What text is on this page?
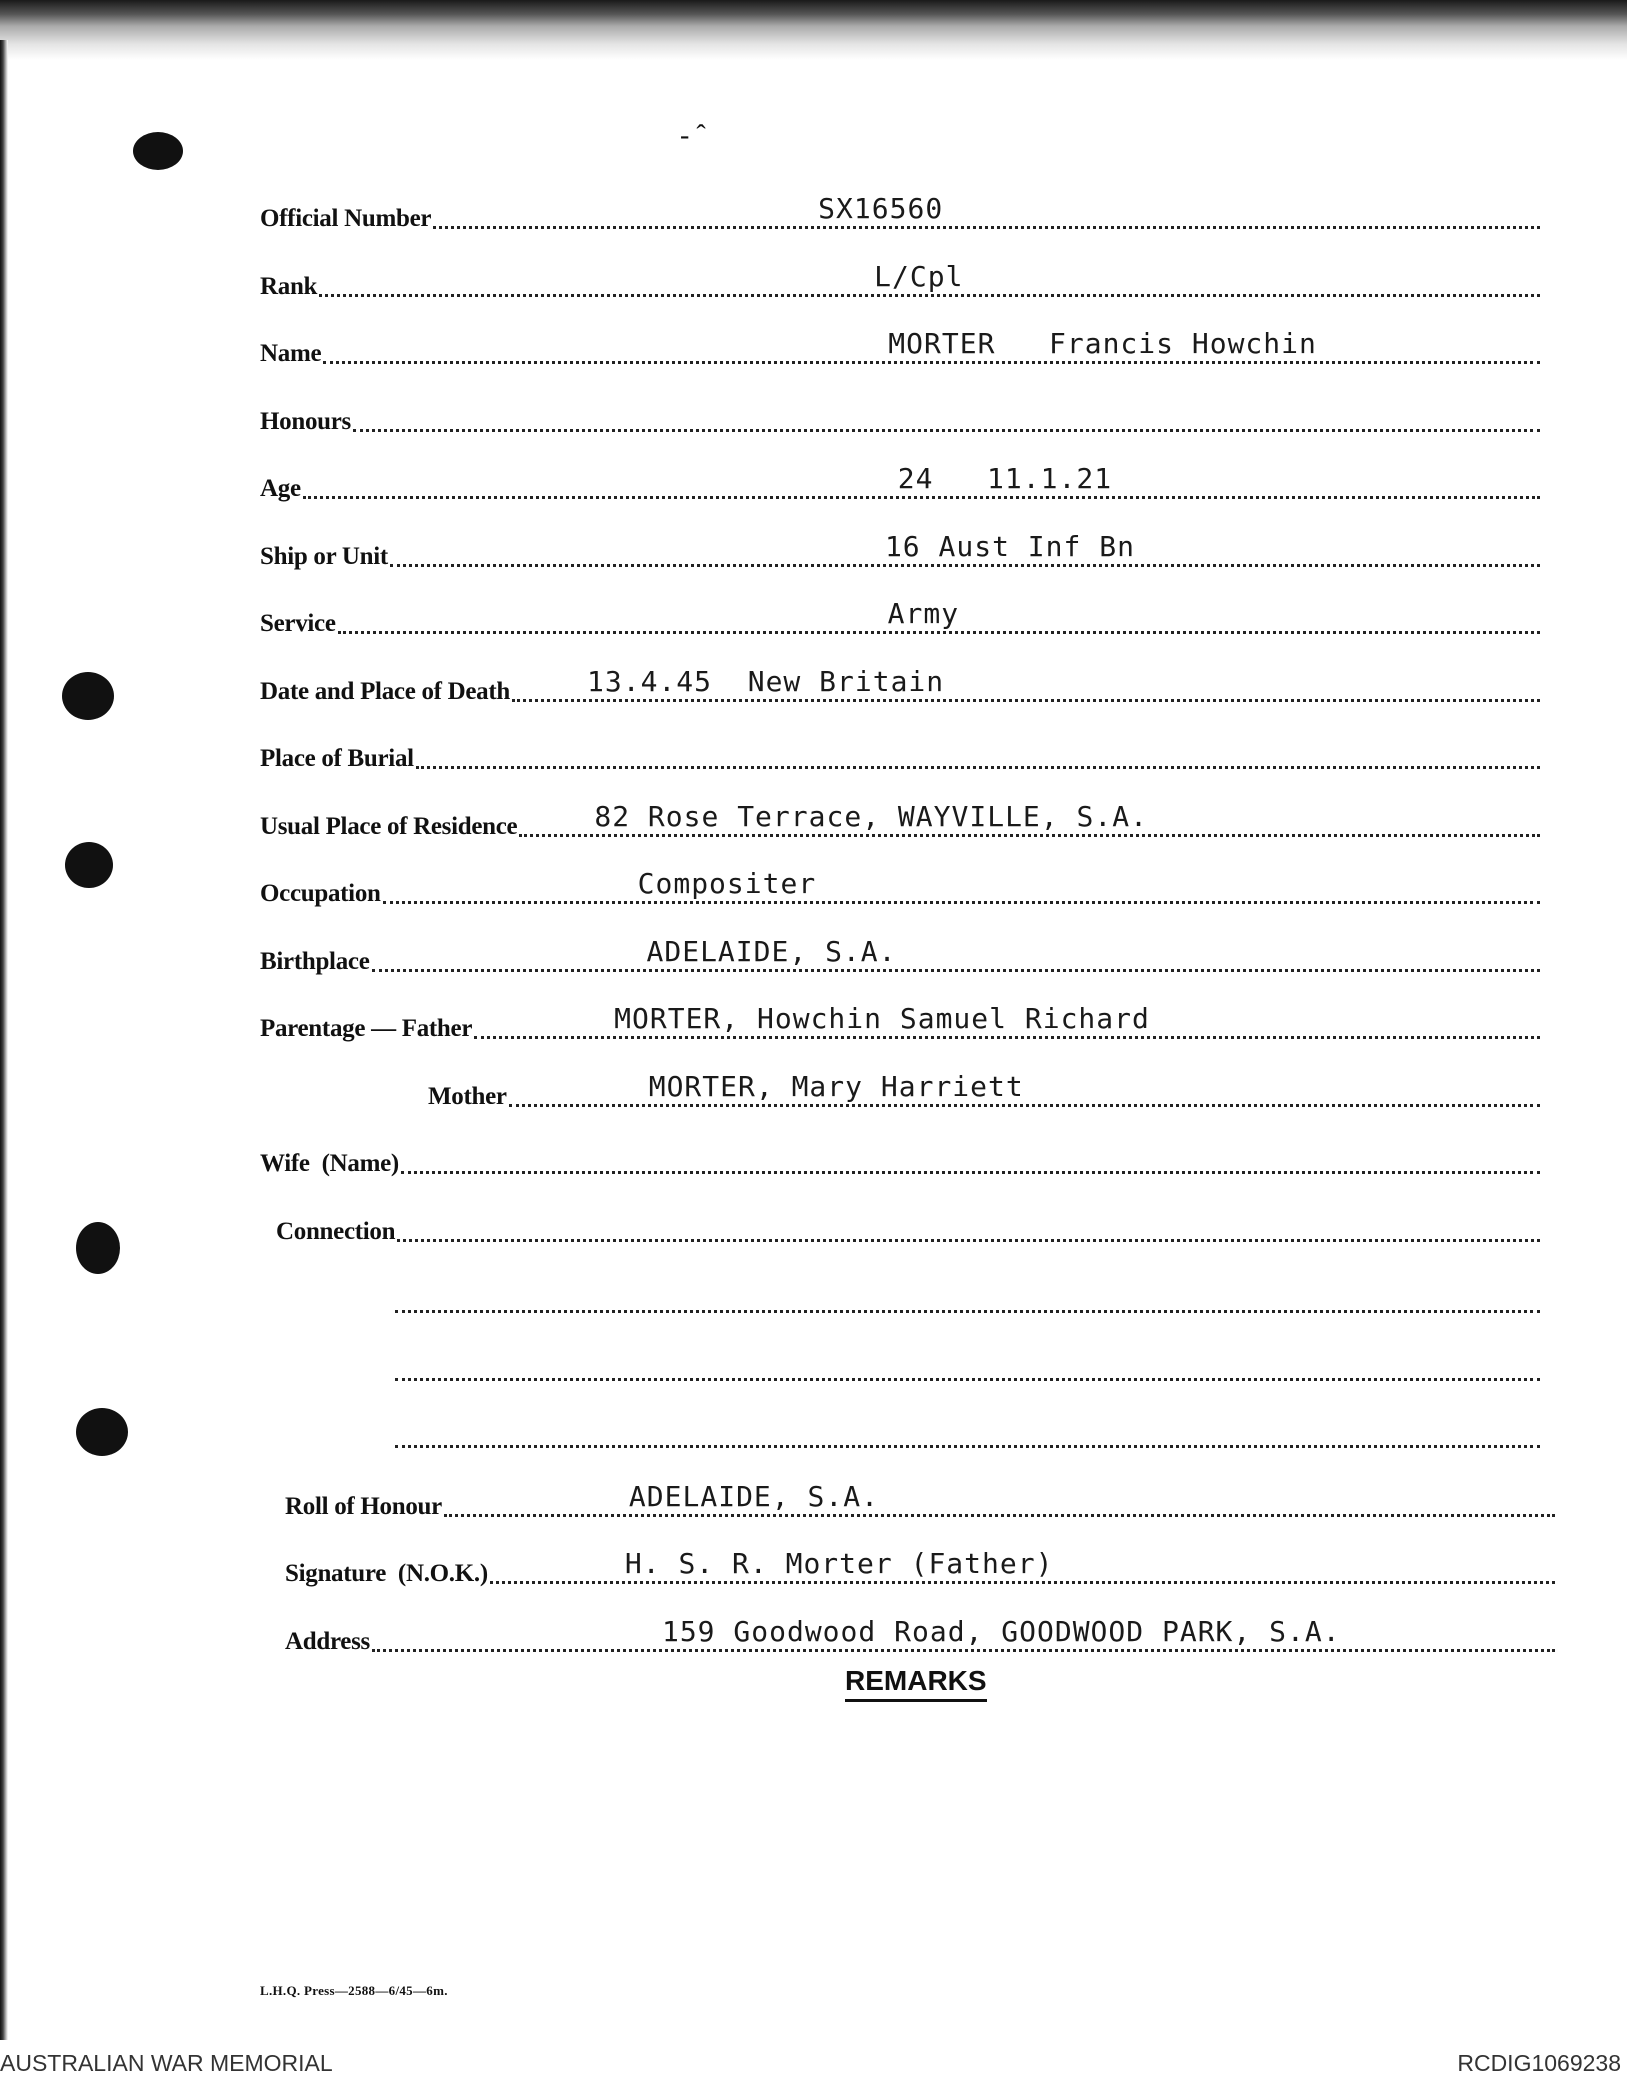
- ˆ
Official Number	SX16560
Rank	L/Cpl
Name	MORTER   Francis Howchin
Honours
Age	24   11.1.21
Ship or Unit	16 Aust Inf Bn
Service	Army
Date and Place of Death	13.4.45  New Britain
Place of Burial
Usual Place of Residence	82 Rose Terrace, WAYVILLE, S.A.
Occupation	Compositer
Birthplace	ADELAIDE, S.A.
Parentage — Father	MORTER, Howchin Samuel Richard
Mother	MORTER, Mary Harriett
Wife  (Name)
Connection
Roll of Honour	ADELAIDE, S.A.
Signature  (N.O.K.)	H. S. R. Morter (Father)
Address	159 Goodwood Road, GOODWOOD PARK, S.A.
REMARKS
L.H.Q. Press—2588—6/45—6m.
AUSTRALIAN WAR MEMORIAL	RCDIG1069238
